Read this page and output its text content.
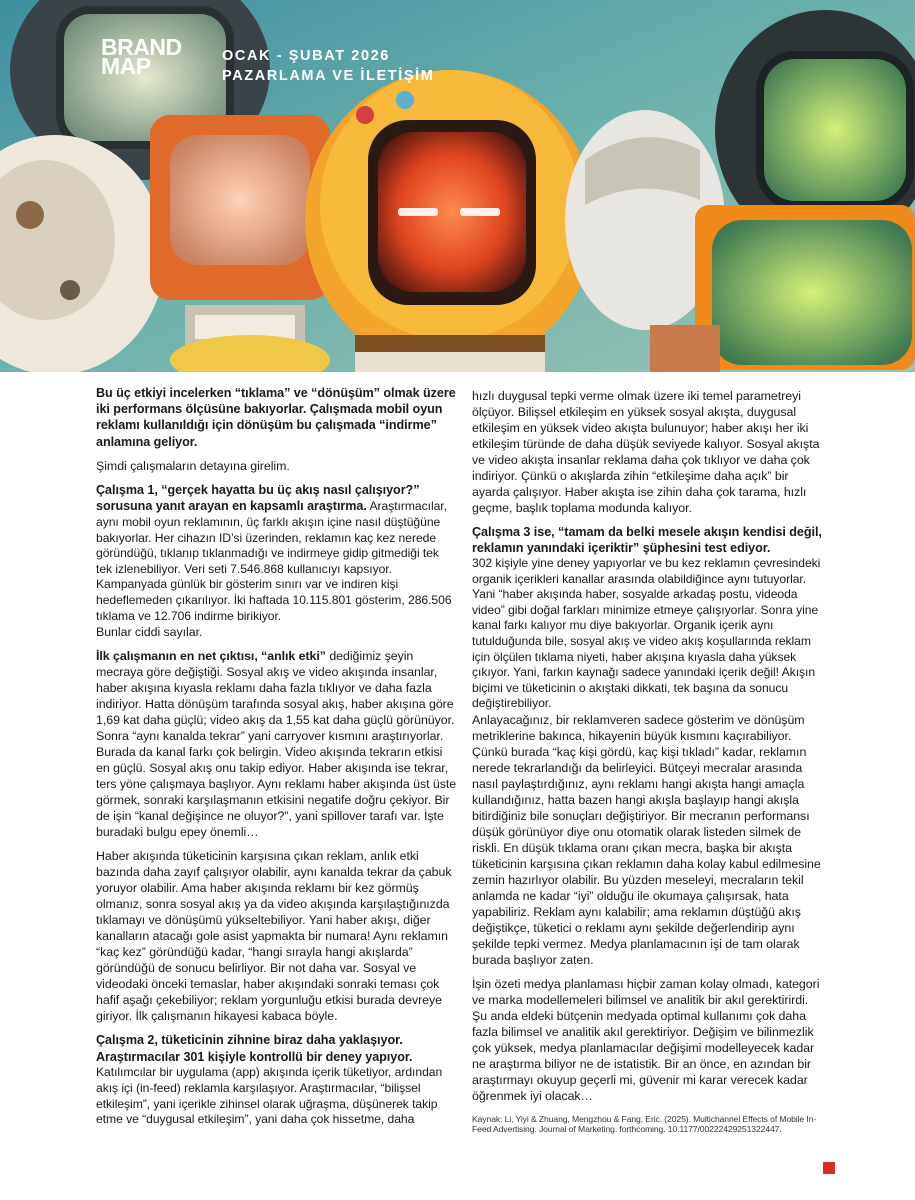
BRAND
MAP	OCAK - ŞUBAT 2026
PAZARLAMA VE İLETİŞİM

Bu üç etkiyi incelerken “tıklama” ve “dönüşüm” olmak üzere iki performans ölçüsüne bakıyorlar. Çalışmada mobil oyun reklamı kullanıldığı için dönüşüm bu çalışmada “indirme” anlamına geliyor.

Şimdi çalışmaların detayına girelim.

Çalışma 1, “gerçek hayatta bu üç akış nasıl çalışıyor?” sorusuna yanıt arayan en kapsamlı araştırma. Araştırmacılar, aynı mobil oyun reklamının, üç farklı akışın içine nasıl düştüğüne bakıyorlar. Her cihazın ID’si üzerinden, reklamın kaç kez nerede göründüğü, tıklanıp tıklanmadığı ve indirmeye gidip gitmediği tek tek izlenebiliyor. Veri seti 7.546.868 kullanıcıyı kapsıyor. Kampanyada günlük bir gösterim sınırı var ve indiren kişi hedeflemeden çıkarılıyor. İki haftada 10.115.801 gösterim, 286.506 tıklama ve 12.706 indirme birikiyor.

Bunlar ciddi sayılar.

İlk çalışmanın en net çıktısı, “anlık etki” dediğimiz şeyin mecraya göre değiştiği. Sosyal akış ve video akışında insanlar, haber akışına kıyasla reklamı daha fazla tıklıyor ve daha fazla indiriyor. Hatta dönüşüm tarafında sosyal akış, haber akışına göre 1,69 kat daha güçlü; video akış da 1,55 kat daha güçlü görünüyor. Sonra “aynı kanalda tekrar” yani carryover kısmını araştırıyorlar. Burada da kanal farkı çok belirgin. Video akışında tekrarın etkisi en güçlü. Sosyal akış onu takip ediyor. Haber akışında ise tekrar, ters yöne çalışmaya başlıyor. Aynı reklamı haber akışında üst üste görmek, sonraki karşılaşmanın etkisini negatife doğru çekiyor. Bir de işin “kanal değişince ne oluyor?”, yani spillover tarafı var. İşte buradaki bulgu epey önemli…

Haber akışında tüketicinin karşısına çıkan reklam, anlık etki bazında daha zayıf çalışıyor olabilir, aynı kanalda tekrar da çabuk yoruyor olabilir. Ama haber akışında reklamı bir kez görmüş olmanız, sonra sosyal akış ya da video akışında karşılaştığınızda tıklamayı ve dönüşümü yükseltebiliyor. Yani haber akışı, diğer kanalların atacağı gole asist yapmakta bir numara! Aynı reklamın “kaç kez” göründüğü kadar, “hangi sırayla hangi akışlarda” göründüğü de sonucu belirliyor. Bir not daha var. Sosyal ve videodaki önceki temaslar, haber akışındaki sonraki teması çok hafif aşağı çekebiliyor; reklam yorgunluğu etkisi burada devreye giriyor. İlk çalışmanın hikayesi kabaca böyle.

Çalışma 2, tüketicinin zihnine biraz daha yaklaşıyor. Araştırmacılar 301 kişiyle kontrollü bir deney yapıyor. Katılımcılar bir uygulama (app) akışında içerik tüketiyor, ardından akış içi (in-feed) reklamla karşılaşıyor. Araştırmacılar, “bilişsel etkileşim”, yani içerikle zihinsel olarak uğraşma, düşünerek takip etme ve “duygusal etkileşim”, yani daha çok hissetme, daha

hızlı duygusal tepki verme olmak üzere iki temel parametreyi ölçüyor. Bilişsel etkileşim en yüksek sosyal akışta, duygusal etkileşim en yüksek video akışta bulunuyor; haber akışı her iki etkileşim türünde de daha düşük seviyede kalıyor. Sosyal akışta ve video akışta insanlar reklama daha çok tıklıyor ve daha çok indiriyor. Çünkü o akışlarda zihin “etkileşime daha açık” bir ayarda çalışıyor. Haber akışta ise zihin daha çok tarama, hızlı geçme, başlık toplama modunda kalıyor.

Çalışma 3 ise, “tamam da belki mesele akışın kendisi değil, reklamın yanındaki içeriktir” şüphesini test ediyor.
302 kişiyle yine deney yapıyorlar ve bu kez reklamın çevresindeki organik içerikleri kanallar arasında olabildiğince aynı tutuyorlar. Yani “haber akışında haber, sosyalde arkadaş postu, videoda video” gibi doğal farkları minimize etmeye çalışıyorlar. Sonra yine kanal farkı kalıyor mu diye bakıyorlar. Organik içerik aynı tutulduğunda bile, sosyal akış ve video akış koşullarında reklam için ölçülen tıklama niyeti, haber akışına kıyasla daha yüksek çıkıyor. Yani, farkın kaynağı sadece yanındaki içerik değil! Akışın biçimi ve tüketicinin o akıştaki dikkati, tek başına da sonucu değiştirebiliyor.

Anlayacağınız, bir reklamveren sadece gösterim ve dönüşüm metriklerine bakınca, hikayenin büyük kısmını kaçırabiliyor. Çünkü burada “kaç kişi gördü, kaç kişi tıkladı” kadar, reklamın nerede tekrarlandığı da belirleyici. Bütçeyi mecralar arasında nasıl paylaştırdığınız, aynı reklamı hangi akışta hangi amaçla kullandığınız, hatta bazen hangi akışla başlayıp hangi akışla bitirdiğiniz bile sonuçları değiştiriyor. Bir mecranın performansı düşük görünüyor diye onu otomatik olarak listeden silmek de riskli. En düşük tıklama oranı çıkan mecra, başka bir akışta tüketicinin karşısına çıkan reklamın daha kolay kabul edilmesine zemin hazırlıyor olabilir. Bu yüzden meseleyi, mecraların tekil anlamda ne kadar “iyi” olduğu ile okumaya çalışırsak, hata yapabiliriz. Reklam aynı kalabilir; ama reklamın düştüğü akış değiştikçe, tüketici o reklamı aynı şekilde değerlendirip aynı şekilde tepki vermez. Medya planlamacının işi de tam olarak burada başlıyor zaten.

İşin özeti medya planlaması hiçbir zaman kolay olmadı, kategori ve marka modellemeleri bilimsel ve analitik bir akıl gerektirirdi. Şu anda eldeki bütçenin medyada optimal kullanımı çok daha fazla bilimsel ve analitik akıl gerektiriyor. Değişim ve bilinmezlik çok yüksek, medya planlamacılar değişimi modelleyecek kadar ne araştırma biliyor ne de istatistik. Bir an önce, en azından bir araştırmayı okuyup geçerli mi, güvenir mi karar verecek kadar öğrenmek iyi olacak…

Kaynak: Li, Yiyi & Zhuang, Mengzhou & Fang, Eric. (2025). Multichannel Effects of Mobile In-Feed Advertising. Journal of Marketing. forthcoming. 10.1177/00222429251322447.
